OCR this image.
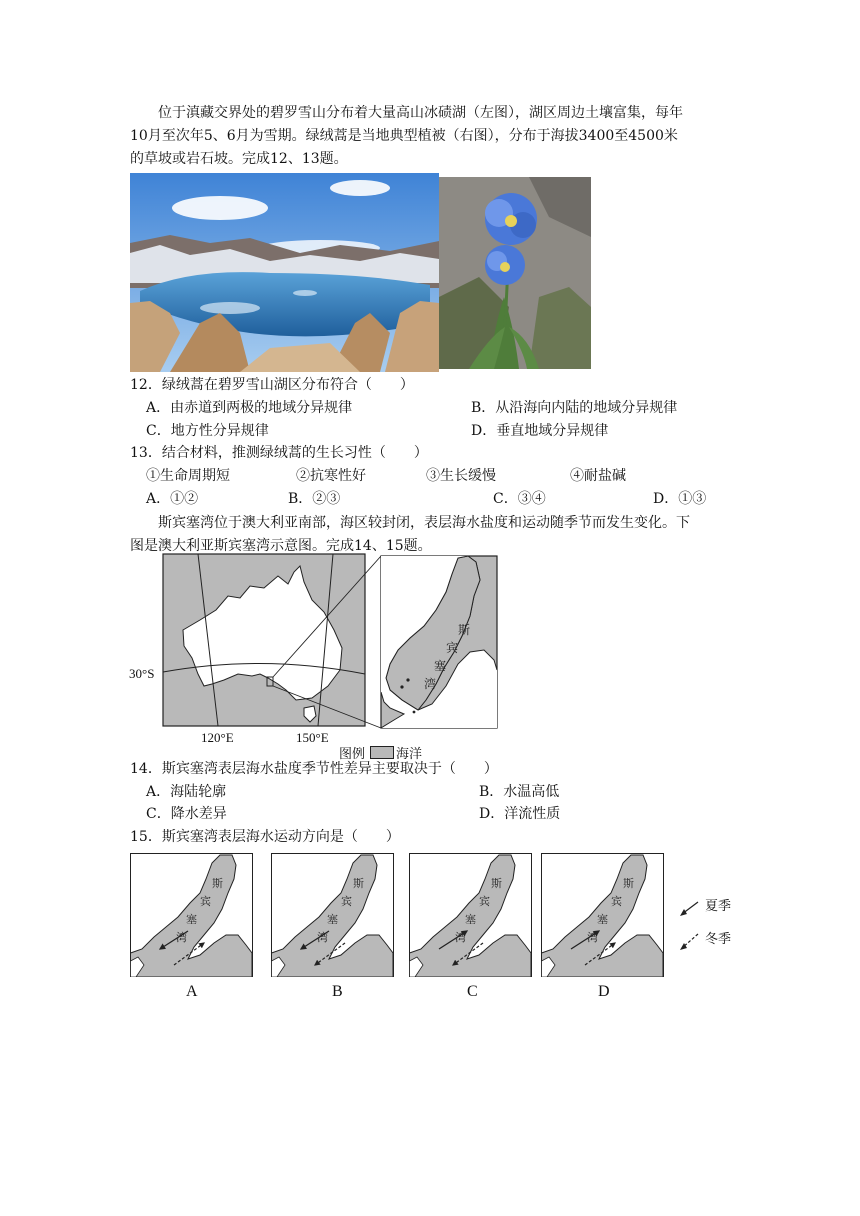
位于滇藏交界处的碧罗雪山分布着大量高山冰碛湖（左图），湖区周边土壤富集，每年
10月至次年5、6月为雪期。绿绒蒿是当地典型植被（右图），分布于海拔3400至4500米
的草坡或岩石坡。完成12、13题。
12．绿绒蒿在碧罗雪山湖区分布符合（　　）
A．由赤道到两极的地域分异规律	B．从沿海向内陆的地域分异规律
C．地方性分异规律	D．垂直地域分异规律
13．结合材料，推测绿绒蒿的生长习性（　　）
①生命周期短	②抗寒性好	③生长缓慢	④耐盐碱
A．①②	B．②③	C．③④	D．①③
斯宾塞湾位于澳大利亚南部，海区较封闭，表层海水盐度和运动随季节而发生变化。下
图是澳大利亚斯宾塞湾示意图。完成14、15题。
斯
宾
塞
湾
30°S
120°E	150°E
图例 海洋
14．斯宾塞湾表层海水盐度季节性差异主要取决于（　　）
A．海陆轮廓	B．水温高低
C．降水差异	D．洋流性质
15．斯宾塞湾表层海水运动方向是（　　）
斯
宾
塞
湾
斯
宾
塞
湾
斯
宾
塞
湾
斯
宾
塞
湾
A	B	C	D
夏季
冬季
